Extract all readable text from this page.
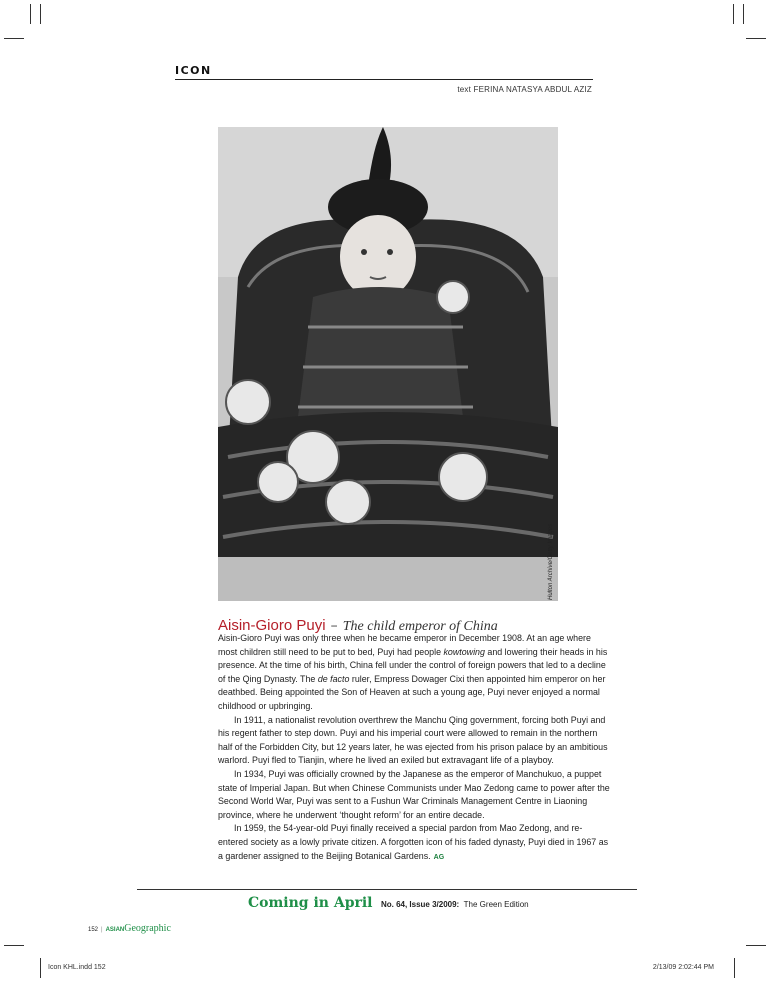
ICON
text FERINA NATASYA ABDUL AZIZ
Hulton Archive/Getty Images
Aisin-Gioro Puyi – The child emperor of China

Aisin-Gioro Puyi was only three when he became emperor in December 1908. At an age where most children still need to be put to bed, Puyi had people kowtowing and lowering their heads in his presence. At the time of his birth, China fell under the control of foreign powers that led to a decline of the Qing Dynasty. The de facto ruler, Empress Dowager Cixi then appointed him emperor on her deathbed. Being appointed the Son of Heaven at such a young age, Puyi never enjoyed a normal childhood or upbringing.

In 1911, a nationalist revolution overthrew the Manchu Qing government, forcing both Puyi and his regent father to step down. Puyi and his imperial court were allowed to remain in the northern half of the Forbidden City, but 12 years later, he was ejected from his prison palace by an ambitious warlord. Puyi fled to Tianjin, where he lived an exiled but extravagant life of a playboy.

In 1934, Puyi was officially crowned by the Japanese as the emperor of Manchukuo, a puppet state of Imperial Japan. But when Chinese Communists under Mao Zedong came to power after the Second World War, Puyi was sent to a Fushun War Criminals Management Centre in Liaoning province, where he underwent ‘thought reform’ for an entire decade.

In 1959, the 54-year-old Puyi finally received a special pardon from Mao Zedong, and re-entered society as a lowly private citizen. A forgotten icon of his faded dynasty, Puyi died in 1967 as a gardener assigned to the Beijing Botanical Gardens. AG

Coming in April No. 64, Issue 3/2009: The Green Edition
152 | ASIANGeographic
Icon KHL.indd 152	2/13/09 2:02:44 PM
